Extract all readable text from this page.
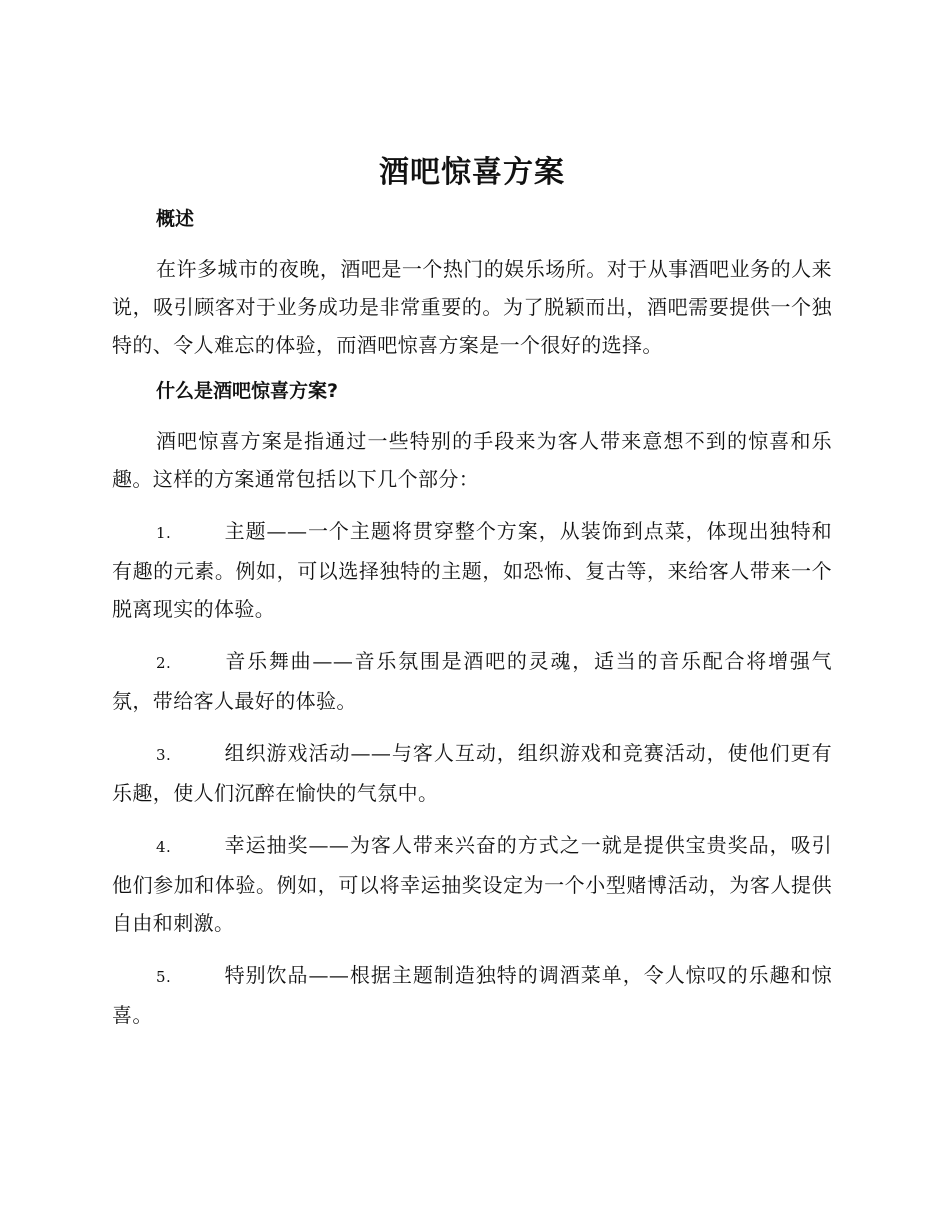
酒吧惊喜方案
概述

在许多城市的夜晚，酒吧是一个热门的娱乐场所。对于从事酒吧业务的人来说，吸引顾客对于业务成功是非常重要的。为了脱颖而出，酒吧需要提供一个独特的、令人难忘的体验，而酒吧惊喜方案是一个很好的选择。

什么是酒吧惊喜方案?

酒吧惊喜方案是指通过一些特别的手段来为客人带来意想不到的惊喜和乐趣。这样的方案通常包括以下几个部分：

1.	主题——一个主题将贯穿整个方案，从装饰到点菜，体现出独特和有趣的元素。例如，可以选择独特的主题，如恐怖、复古等，来给客人带来一个脱离现实的体验。

2.	音乐舞曲——音乐氛围是酒吧的灵魂，适当的音乐配合将增强气氛，带给客人最好的体验。

3.	组织游戏活动——与客人互动，组织游戏和竞赛活动，使他们更有乐趣，使人们沉醉在愉快的气氛中。

4.	幸运抽奖——为客人带来兴奋的方式之一就是提供宝贵奖品，吸引他们参加和体验。例如，可以将幸运抽奖设定为一个小型赌博活动，为客人提供自由和刺激。

5.	特别饮品——根据主题制造独特的调酒菜单，令人惊叹的乐趣和惊喜。
